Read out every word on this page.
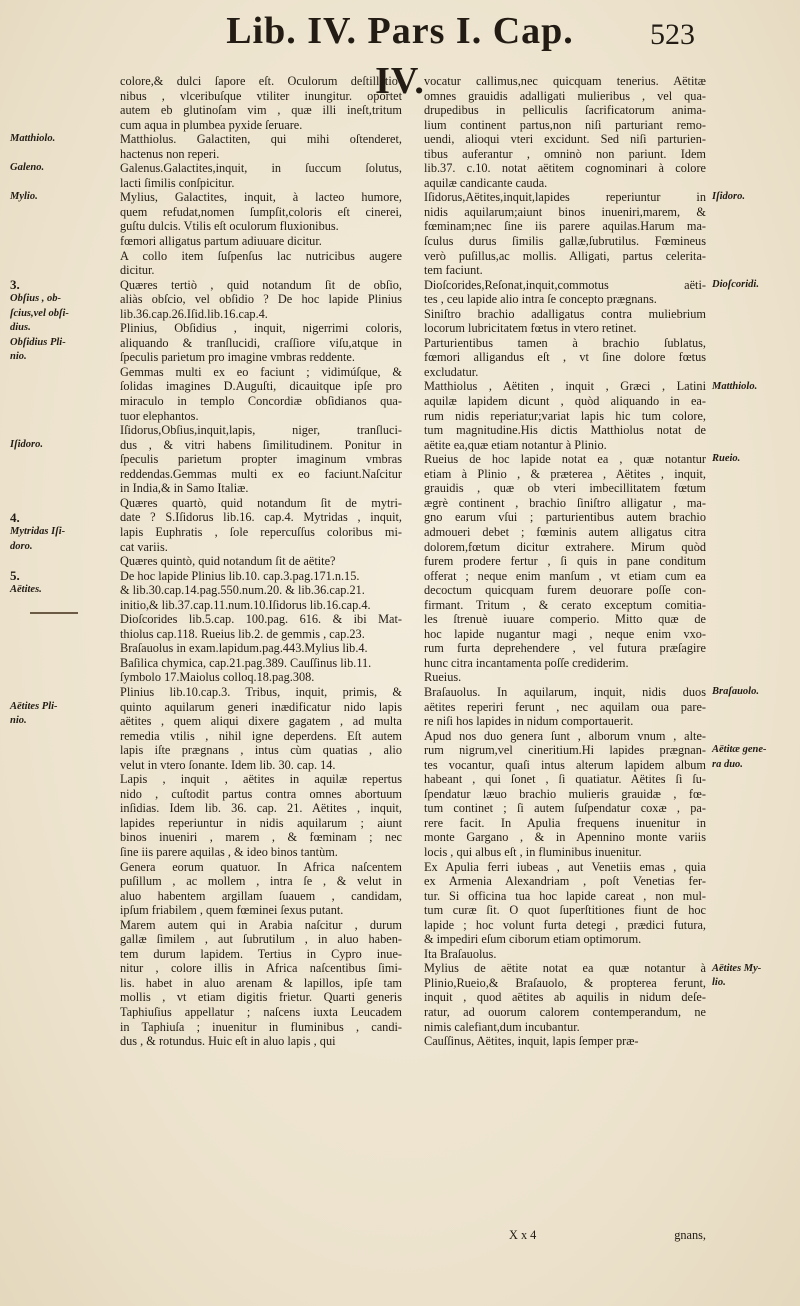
Lib. IV. Pars I. Cap. IV.
523

colore,& dulci ſapore eſt. Oculorum deſtillatio-

nibus , vlceribuſque vtiliter inungitur. oportet

autem eb glutinoſam vim , quæ illi ineſt,tritum

cum aqua in plumbea pyxide ſeruare.

Matthiolus. Galactiten, qui mihi oſtenderet,

hactenus non reperi.

Galenus.Galactites,inquit, in ſuccum ſolutus,

lacti ſimilis conſpicitur.

Mylius, Galactites, inquit, à lacteo humore,

quem refudat,nomen ſumpſit,coloris eſt cinerei,

guſtu dulcis. Vtilis eſt oculorum fluxionibus.

fœmori alligatus partum adiuuare dicitur.

A collo item ſuſpenſus lac nutricibus augere

dicitur.

Quæres tertiò , quid notandum ſit de obſio,

aliàs obſcio, vel obſidio ? De hoc lapide Plinius

lib.36.cap.26.Iſid.lib.16.cap.4.

Plinius, Obſidius , inquit, nigerrimi coloris,

aliquando & tranſlucidi, craſſiore viſu,atque in

ſpeculis parietum pro imagine vmbras reddente.

Gemmas multi ex eo faciunt ; vidimúſque, &

ſolidas imagines D.Auguſti, dicauitque ipſe pro

miraculo in templo Concordiæ obſidianos qua-

tuor elephantos.

Iſidorus,Obſius,inquit,lapis, niger, tranſluci-

dus , & vitri habens ſimilitudinem. Ponitur in

ſpeculis parietum propter imaginum vmbras

reddendas.Gemmas multi ex eo faciunt.Naſcitur

in India,& in Samo Italiæ.

Quæres quartò, quid notandum ſit de mytri-

date ? S.Iſidorus lib.16. cap.4. Mytridas , inquit,

lapis Euphratis , ſole repercuſſus coloribus mi-

cat variis.

Quæres quintò, quid notandum ſit de aëtite?

De hoc lapide Plinius lib.10. cap.3.pag.171.n.15.

& lib.30.cap.14.pag.550.num.20. & lib.36.cap.21.

initio,& lib.37.cap.11.num.10.Iſidorus lib.16.cap.4.

Dioſcorides lib.5.cap. 100.pag. 616. & ibi Mat-

thiolus cap.118. Rueius lib.2. de gemmis , cap.23.

Braſauolus in exam.lapidum.pag.443.Mylius lib.4.

Baſilica chymica, cap.21.pag.389. Cauſſinus lib.11.

ſymbolo 17.Maiolus colloq.18.pag.308.

Plinius lib.10.cap.3. Tribus, inquit, primis, &

quinto aquilarum generi inædificatur nido lapis

aëtites , quem aliqui dixere gagatem , ad multa

remedia vtilis , nihil igne deperdens. Eſt autem

lapis iſte prægnans , intus cùm quatias , alio

velut in vtero ſonante. Idem lib. 30. cap. 14.

Lapis , inquit , aëtites in aquilæ repertus

nido , cuſtodit partus contra omnes abortuum

inſidias. Idem lib. 36. cap. 21. Aëtites , inquit,

lapides reperiuntur in nidis aquilarum ; aiunt

binos inueniri , marem , & fœminam ; nec

ſine iis parere aquilas , & ideo binos tantùm.

Genera eorum quatuor. In Africa naſcentem

puſillum , ac mollem , intra ſe , & velut in

aluo habentem argillam ſuauem , candidam,

ipſum friabilem , quem fœminei ſexus putant.

Marem autem qui in Arabia naſcitur , durum

gallæ ſimilem , aut ſubrutilum , in aluo haben-

tem durum lapidem. Tertius in Cypro inue-

nitur , colore illis in Africa naſcentibus ſimi-

lis. habet in aluo arenam & lapillos, ipſe tam

mollis , vt etiam digitis frietur. Quarti generis

Taphiuſius appellatur ; naſcens iuxta Leucadem

in Taphiuſa ; inuenitur in fluminibus , candi-

dus , & rotundus. Huic eſt in aluo lapis , qui

vocatur callimus,nec quicquam tenerius. Aëtitæ

omnes grauidis adalligati mulieribus , vel qua-

drupedibus in pelliculis ſacrificatorum anima-

lium continent partus,non niſi parturiant remo-

uendi, alioqui vteri excidunt. Sed niſi parturien-

tibus auferantur , omninò non pariunt. Idem

lib.37. c.10. notat aëtitem cognominari à colore

aquilæ candicante cauda.

Iſidorus,Aëtites,inquit,lapides reperiuntur in

nidis aquilarum;aiunt binos inueniri,marem, &

fœminam;nec ſine iis parere aquilas.Harum ma-

ſculus durus ſimilis gallæ,ſubrutilus. Fœmineus

verò puſillus,ac mollis. Alligati, partus celerita-

tem faciunt.

Dioſcorides,Reſonat,inquit,commotus aëti-

tes , ceu lapide alio intra ſe concepto prægnans.

Siniſtro brachio adalligatus contra muliebrium

locorum lubricitatem fœtus in vtero retinet.

Parturientibus tamen à brachio ſublatus,

fœmori alligandus eſt , vt ſine dolore fœtus

excludatur.

Matthiolus , Aëtiten , inquit , Græci , Latini

aquilæ lapidem dicunt , quòd aliquando in ea-

rum nidis reperiatur;variat lapis hic tum colore,

tum magnitudine.His dictis Matthiolus notat de

aëtite ea,quæ etiam notantur à Plinio.

Rueius de hoc lapide notat ea , quæ notantur

etiam à Plinio , & præterea , Aëtites , inquit,

grauidis , quæ ob vteri imbecillitatem fœtum

ægrè continent , brachio ſiniſtro alligatur , ma-

gno earum vſui ; parturientibus autem brachio

admoueri debet ; fœminis autem alligatus citra

dolorem,fœtum dicitur extrahere. Mirum quòd

furem prodere fertur , ſi quis in pane conditum

offerat ; neque enim manſum , vt etiam cum ea

decoctum quicquam furem deuorare poſſe con-

firmant. Tritum , & cerato exceptum comitia-

les ſtrenuè iuuare comperio. Mitto quæ de

hoc lapide nugantur magi , neque enim vxo-

rum furta deprehendere , vel futura præſagire

hunc citra incantamenta poſſe crediderim.

Rueius.

Braſauolus. In aquilarum, inquit, nidis duos

aëtites reperiri ferunt , nec aquilam oua pare-

re niſi hos lapides in nidum comportauerit.

Apud nos duo genera ſunt , alborum vnum , alte-

rum nigrum,vel cineritium.Hi lapides prægnan-

tes vocantur, quaſi intus alterum lapidem album

habeant , qui ſonet , ſi quatiatur. Aëtites ſi ſu-

ſpendatur læuo brachio mulieris grauidæ , fœ-

tum continet ; ſi autem ſuſpendatur coxæ , pa-

rere facit. In Apulia frequens inuenitur in

monte Gargano , & in Apennino monte variis

locis , qui albus eſt , in fluminibus inuenitur.

Ex Apulia ferri iubeas , aut Venetiis emas , quia

ex Armenia Alexandriam , poſt Venetias fer-

tur. Si officina tua hoc lapide careat , non mul-

tum curæ ſit. O quot ſuperſtitiones fiunt de hoc

lapide ; hoc volunt furta detegi , prædici futura,

& impediri eſum ciborum etiam optimorum.

Ita Braſauolus.

Mylius de aëtite notat ea quæ notantur à

Plinio,Rueio,& Braſauolo, & propterea ferunt,

inquit , quod aëtites ab aquilis in nidum deſe-

ratur, ad ouorum calorem contemperandum, ne

nimis calefiant,dum incubantur.

Cauſſinus, Aëtites, inquit, lapis ſemper præ-

Matthiolo.
Galeno.
Mylio.
3.
Obſius , ob-
ſcius,vel obſi-
dius.
Obſidius Pli-
nio.
Iſidoro.
4.
Mytridas Iſi-
doro.
5.
Aëtites.
Aëtites Pli-
nio.
Iſidoro.
Dioſcoridi.
Matthiolo.
Rueio.
Braſauolo.
Aëtitæ gene-
ra duo.
Aëtites My-
lio.
X x 4	gnans,
